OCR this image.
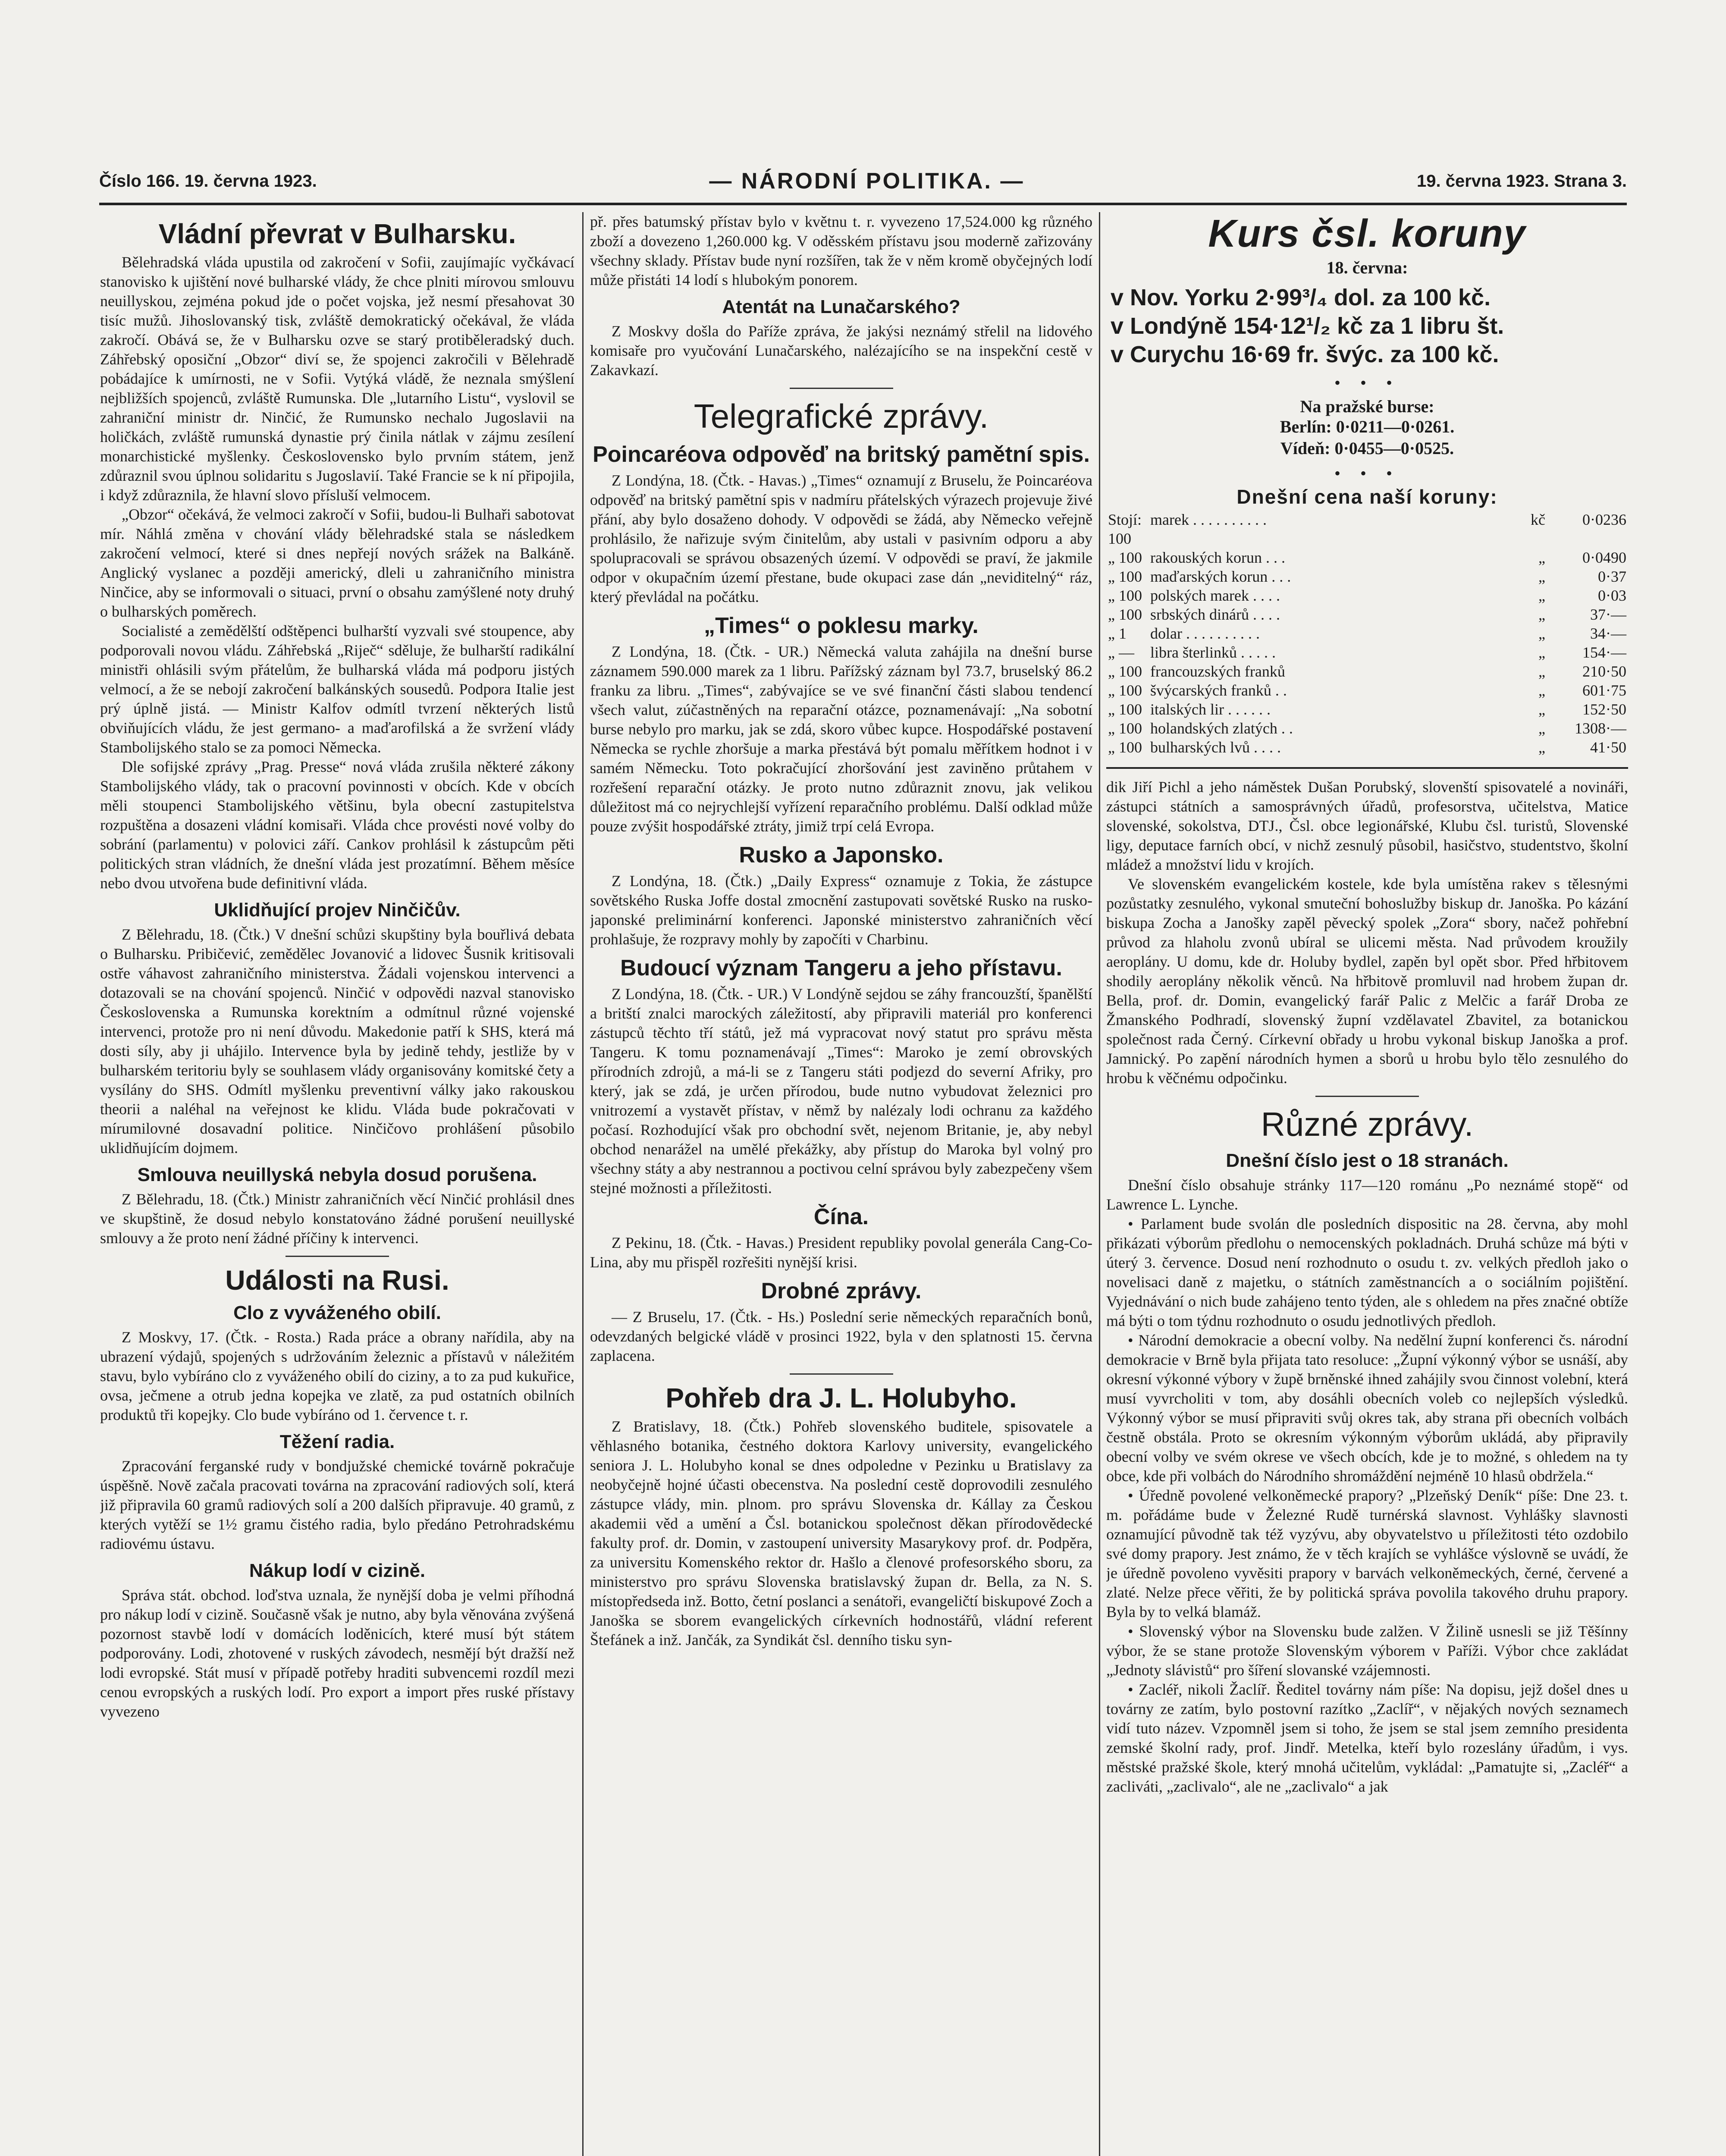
Číslo 166. 19. června 1923.	— NÁRODNÍ POLITIKA. —	19. června 1923. Strana 3.
Vládní převrat v Bulharsku.

Bělehradská vláda upustila od zakročení v Sofii, zaujímajíc vyčkávací stanovisko k ujištění nové bulharské vlády, že chce plniti mírovou smlouvu neuillyskou, zejména pokud jde o počet vojska, jež nesmí přesahovat 30 tisíc mužů. Jihoslovanský tisk, zvláště demokratický očekával, že vláda zakročí. Obává se, že v Bulharsku ozve se starý protiběleradský duch. Záhřebský oposiční „Obzor“ diví se, že spojenci zakročili v Bělehradě pobádajíce k umírnosti, ne v Sofii. Vytýká vládě, že neznala smýšlení nejbližších spojenců, zvláště Rumunska. Dle „lutarního Listu“, vyslovil se zahraniční ministr dr. Ninčić, že Rumunsko nechalo Jugoslavii na holičkách, zvláště rumunská dynastie prý činila nátlak v zájmu zesílení monarchistické myšlenky. Československo bylo prvním státem, jenž zdůraznil svou úplnou solidaritu s Jugoslavií. Také Francie se k ní připojila, i když zdůraznila, že hlavní slovo přísluší velmocem.

„Obzor“ očekává, že velmoci zakročí v Sofii, budou-li Bulhaři sabotovat mír. Náhlá změna v chování vlády bělehradské stala se následkem zakročení velmocí, které si dnes nepřejí nových srážek na Balkáně. Anglický vyslanec a později americký, dleli u zahraničního ministra Ninčice, aby se informovali o situaci, první o obsahu zamýšlené noty druhý o bulharských poměrech.

Socialisté a zemědělští odštěpenci bulharští vyzvali své stoupence, aby podporovali novou vládu. Záhřebská „Riječ“ sděluje, že bulharští radikální ministři ohlásili svým přátelům, že bulharská vláda má podporu jistých velmocí, a že se nebojí zakročení balkánských sousedů. Podpora Italie jest prý úplně jistá. — Ministr Kalfov odmítl tvrzení některých listů obviňujících vládu, že jest germano- a maďarofilská a že svržení vlády Stambolijského stalo se za pomoci Německa.

Dle sofijské zprávy „Prag. Presse“ nová vláda zrušila některé zákony Stambolijského vlády, tak o pracovní povinnosti v obcích. Kde v obcích měli stoupenci Stambolijského většinu, byla obecní zastupitelstva rozpuštěna a dosazeni vládní komisaři. Vláda chce provésti nové volby do sobrání (parlamentu) v polovici září. Cankov prohlásil k zástupcům pěti politických stran vládních, že dnešní vláda jest prozatímní. Během měsíce nebo dvou utvořena bude definitivní vláda.

Uklidňující projev Ninčičův.

Z Bělehradu, 18. (Čtk.) V dnešní schůzi skupštiny byla bouřlivá debata o Bulharsku. Pribičević, zemědělec Jovanović a lidovec Šusnik kritisovali ostře váhavost zahraničního ministerstva. Žádali vojenskou intervenci a dotazovali se na chování spojenců. Ninčić v odpovědi nazval stanovisko Československa a Rumunska korektním a odmítnul různé vojenské intervenci, protože pro ni není důvodu. Makedonie patří k SHS, která má dosti síly, aby ji uhájilo. Intervence byla by jedině tehdy, jestliže by v bulharském teritoriu byly se souhlasem vlády organisovány komitské čety a vysílány do SHS. Odmítl myšlenku preventivní války jako rakouskou theorii a naléhal na veřejnost ke klidu. Vláda bude pokračovati v mírumilovné dosavadní politice. Ninčičovo prohlášení působilo uklidňujícím dojmem.

Smlouva neuillyská nebyla dosud porušena.

Z Bělehradu, 18. (Čtk.) Ministr zahraničních věcí Ninčić prohlásil dnes ve skupštině, že dosud nebylo konstatováno žádné porušení neuillyské smlouvy a že proto není žádné příčiny k intervenci.

Události na Rusi.
Clo z vyváženého obilí.

Z Moskvy, 17. (Čtk. - Rosta.) Rada práce a obrany nařídila, aby na ubrazení výdajů, spojených s udržováním železnic a přístavů v náležitém stavu, bylo vybíráno clo z vyváženého obilí do ciziny, a to za pud kukuřice, ovsa, ječmene a otrub jedna kopejka ve zlatě, za pud ostatních obilních produktů tři kopejky. Clo bude vybíráno od 1. července t. r.

Těžení radia.

Zpracování ferganské rudy v bondjužské chemické továrně pokračuje úspěšně. Nově začala pracovati továrna na zpracování radiových solí, která již připravila 60 gramů radiových solí a 200 dalších připravuje. 40 gramů, z kterých vytěží se 1½ gramu čistého radia, bylo předáno Petrohradskému radiovému ústavu.

Nákup lodí v cizině.

Správa stát. obchod. loďstva uznala, že nynější doba je velmi příhodná pro nákup lodí v cizině. Současně však je nutno, aby byla věnována zvýšená pozornost stavbě lodí v domácích loděnicích, které musí být státem podporovány. Lodi, zhotovené v ruských závodech, nesmějí být dražší než lodi evropské. Stát musí v případě potřeby hraditi subvencemi rozdíl mezi cenou evropských a ruských lodí. Pro export a import přes ruské přístavy vyvezeno

př. přes batumský přístav bylo v květnu t. r. vyvezeno 17,524.000 kg různého zboží a dovezeno 1,260.000 kg. V oděsském přístavu jsou moderně zařizovány všechny sklady. Přístav bude nyní rozšířen, tak že v něm kromě obyčejných lodí může přistáti 14 lodí s hlubokým ponorem.

Atentát na Lunačarského?

Z Moskvy došla do Paříže zpráva, že jakýsi neznámý střelil na lidového komisaře pro vyučování Lunačarského, nalézajícího se na inspekční cestě v Zakavkazí.

Telegrafické zprávy.
Poincaréova odpověď na britský pamětní spis.

Z Londýna, 18. (Čtk. - Havas.) „Times“ oznamují z Bruselu, že Poincaréova odpověď na britský pamětní spis v nadmíru přátelských výrazech projevuje živé přání, aby bylo dosaženo dohody. V odpovědi se žádá, aby Německo veřejně prohlásilo, že nařizuje svým činitelům, aby ustali v pasivním odporu a aby spolupracovali se správou obsazených území. V odpovědi se praví, že jakmile odpor v okupačním území přestane, bude okupaci zase dán „neviditelný“ ráz, který převládal na počátku.

„Times“ o poklesu marky.

Z Londýna, 18. (Čtk. - UR.) Německá valuta zahájila na dnešní burse záznamem 590.000 marek za 1 libru. Pařížský záznam byl 73.7, bruselský 86.2 franku za libru. „Times“, zabývajíce se ve své finanční části slabou tendencí všech valut, zúčastněných na reparační otázce, poznamenávají: „Na sobotní burse nebylo pro marku, jak se zdá, skoro vůbec kupce. Hospodářské postavení Německa se rychle zhoršuje a marka přestává být pomalu měřítkem hodnot i v samém Německu. Toto pokračující zhoršování jest zaviněno průtahem v rozřešení reparační otázky. Je proto nutno zdůraznit znovu, jak velikou důležitost má co nejrychlejší vyřízení reparačního problému. Další odklad může pouze zvýšit hospodářské ztráty, jimiž trpí celá Evropa.

Rusko a Japonsko.

Z Londýna, 18. (Čtk.) „Daily Express“ oznamuje z Tokia, že zástupce sovětského Ruska Joffe dostal zmocnění zastupovati sovětské Rusko na rusko-japonské preliminární konferenci. Japonské ministerstvo zahraničních věcí prohlašuje, že rozpravy mohly by započíti v Charbinu.

Budoucí význam Tangeru a jeho přístavu.

Z Londýna, 18. (Čtk. - UR.) V Londýně sejdou se záhy francouzští, španělští a britští znalci marockých záležitostí, aby připravili materiál pro konferenci zástupců těchto tří států, jež má vypracovat nový statut pro správu města Tangeru. K tomu poznamenávají „Times“: Maroko je zemí obrovských přírodních zdrojů, a má-li se z Tangeru státi podjezd do severní Afriky, pro který, jak se zdá, je určen přírodou, bude nutno vybudovat železnici pro vnitrozemí a vystavět přístav, v němž by nalézaly lodi ochranu za každého počasí. Rozhodující však pro obchodní svět, nejenom Britanie, je, aby nebyl obchod nenarážel na umělé překážky, aby přístup do Maroka byl volný pro všechny státy a aby nestrannou a poctivou celní správou byly zabezpečeny všem stejné možnosti a příležitosti.

Čína.

Z Pekinu, 18. (Čtk. - Havas.) President republiky povolal generála Cang-Co-Lina, aby mu přispěl rozřešiti nynější krisi.

Drobné zprávy.

— Z Bruselu, 17. (Čtk. - Hs.) Poslední serie německých reparačních bonů, odevzdaných belgické vládě v prosinci 1922, byla v den splatnosti 15. června zaplacena.

Pohřeb dra J. L. Holubyho.

Z Bratislavy, 18. (Čtk.) Pohřeb slovenského buditele, spisovatele a věhlasného botanika, čestného doktora Karlovy university, evangelického seniora J. L. Holubyho konal se dnes odpoledne v Pezinku u Bratislavy za neobyčejně hojné účasti obecenstva. Na poslední cestě doprovodili zesnulého zástupce vlády, min. plnom. pro správu Slovenska dr. Kállay za Českou akademii věd a umění a Čsl. botanickou společnost děkan přírodovědecké fakulty prof. dr. Domin, v zastoupení university Masarykovy prof. dr. Podpěra, za universitu Komenského rektor dr. Hašlo a členové profesorského sboru, za ministerstvo pro správu Slovenska bratislavský župan dr. Bella, za N. S. místopředseda inž. Botto, četní poslanci a senátoři, evangeličtí biskupové Zoch a Janoška se sborem evangelických církevních hodnostářů, vládní referent Štefánek a inž. Jančák, za Syndikát čsl. denního tisku syn-

Kurs čsl. koruny
18. června:
v Nov. Yorku 2·99³/₄ dol. za 100 kč.
v Londýně 154·12¹/₂ kč za 1 libru št.
v Curychu 16·69 fr. švýc. za 100 kč.
• • •
Na pražské burse:
Berlín: 0·0211—0·0261.
Vídeň: 0·0455—0·0525.
• • •
Dnešní cena naší koruny:
Stojí: 100	marek . . . . . . . . . .	kč	0·0236
„ 100	rakouských korun . . .	„	0·0490
„ 100	maďarských korun . . .	„	0·37
„ 100	polských marek . . . .	„	0·03
„ 100	srbských dinárů . . . .	„	37·—
„ 1	dolar . . . . . . . . . .	„	34·—
„ —	libra šterlinků . . . . .	„	154·—
„ 100	francouzských franků	„	210·50
„ 100	švýcarských franků . .	„	601·75
„ 100	italských lir . . . . . .	„	152·50
„ 100	holandských zlatých . .	„	1308·—
„ 100	bulharských lvů . . . .	„	41·50

dik Jiří Pichl a jeho náměstek Dušan Porubský, slovenští spisovatelé a novináři, zástupci státních a samosprávných úřadů, profesorstva, učitelstva, Matice slovenské, sokolstva, DTJ., Čsl. obce legionářské, Klubu čsl. turistů, Slovenské ligy, deputace farních obcí, v nichž zesnulý působil, hasičstvo, studentstvo, školní mládež a množství lidu v krojích.

Ve slovenském evangelickém kostele, kde byla umístěna rakev s tělesnými pozůstatky zesnulého, vykonal smuteční bohoslužby biskup dr. Janoška. Po kázání biskupa Zocha a Janošky zapěl pěvecký spolek „Zora“ sbory, načež pohřební průvod za hlaholu zvonů ubíral se ulicemi města. Nad průvodem kroužily aeroplány. U domu, kde dr. Holuby bydlel, zapěn byl opět sbor. Před hřbitovem shodily aeroplány několik věnců. Na hřbitově promluvil nad hrobem župan dr. Bella, prof. dr. Domin, evangelický farář Palic z Melčic a farář Droba ze Žmanského Podhradí, slovenský župní vzdělavatel Zbavitel, za botanickou společnost rada Černý. Církevní obřady u hrobu vykonal biskup Janoška a prof. Jamnický. Po zapění národních hymen a sborů u hrobu bylo tělo zesnulého do hrobu k věčnému odpočinku.

Různé zprávy.
Dnešní číslo jest o 18 stranách.

Dnešní číslo obsahuje stránky 117—120 románu „Po neznámé stopě“ od Lawrence L. Lynche.

• Parlament bude svolán dle posledních dispositic na 28. června, aby mohl přikázati výborům předlohu o nemocenských pokladnách. Druhá schůze má býti v úterý 3. července. Dosud není rozhodnuto o osudu t. zv. velkých předloh jako o novelisaci daně z majetku, o státních zaměstnancích a o sociálním pojištění. Vyjednávání o nich bude zahájeno tento týden, ale s ohledem na přes značné obtíže má býti o tom týdnu rozhodnuto o osudu jednotlivých předloh.

• Národní demokracie a obecní volby. Na nedělní župní konferenci čs. národní demokracie v Brně byla přijata tato resoluce: „Župní výkonný výbor se usnáší, aby okresní výkonné výbory v župě brněnské ihned zahájily svou činnost volební, která musí vyvrcholiti v tom, aby dosáhli obecních voleb co nejlepších výsledků. Výkonný výbor se musí připraviti svůj okres tak, aby strana při obecních volbách čestně obstála. Proto se okresním výkonným výborům ukládá, aby připravily obecní volby ve svém okrese ve všech obcích, kde je to možné, s ohledem na ty obce, kde při volbách do Národního shromáždění nejméně 10 hlasů obdržela.“

• Úředně povolené velkoněmecké prapory? „Plzeňský Deník“ píše: Dne 23. t. m. pořádáme bude v Železné Rudě turnérská slavnost. Vyhlášky slavnosti oznamující původně tak též vyzývu, aby obyvatelstvo u příležitosti této ozdobilo své domy prapory. Jest známo, že v těch krajích se vyhlášce výslovně se uvádí, že je úředně povoleno vyvěsiti prapory v barvách velkoněmeckých, černé, červené a zlaté. Nelze přece věřiti, že by politická správa povolila takového druhu prapory. Byla by to velká blamáž.

• Slovenský výbor na Slovensku bude zalžen. V Žilině usnesli se již Těšínny výbor, že se stane protože Slovenským výborem v Paříži. Výbor chce zakládat „Jednoty slávistů“ pro šíření slovanské vzájemnosti.

• Zacléř, nikoli Žaclíř. Ředitel továrny nám píše: Na dopisu, jejž došel dnes u továrny ze zatím, bylo postovní razítko „Zaclíř“, v nějakých nových seznamech vidí tuto název. Vzpomněl jsem si toho, že jsem se stal jsem zemního presidenta zemské školní rady, prof. Jindř. Metelka, kteří bylo rozeslány úřadům, i vys. městské pražské škole, který mnohá učitelům, vykládal: „Pamatujte si, „Zacléř“ a zacliváti, „zaclivalo“, ale ne „zaclivalo“ a jak
